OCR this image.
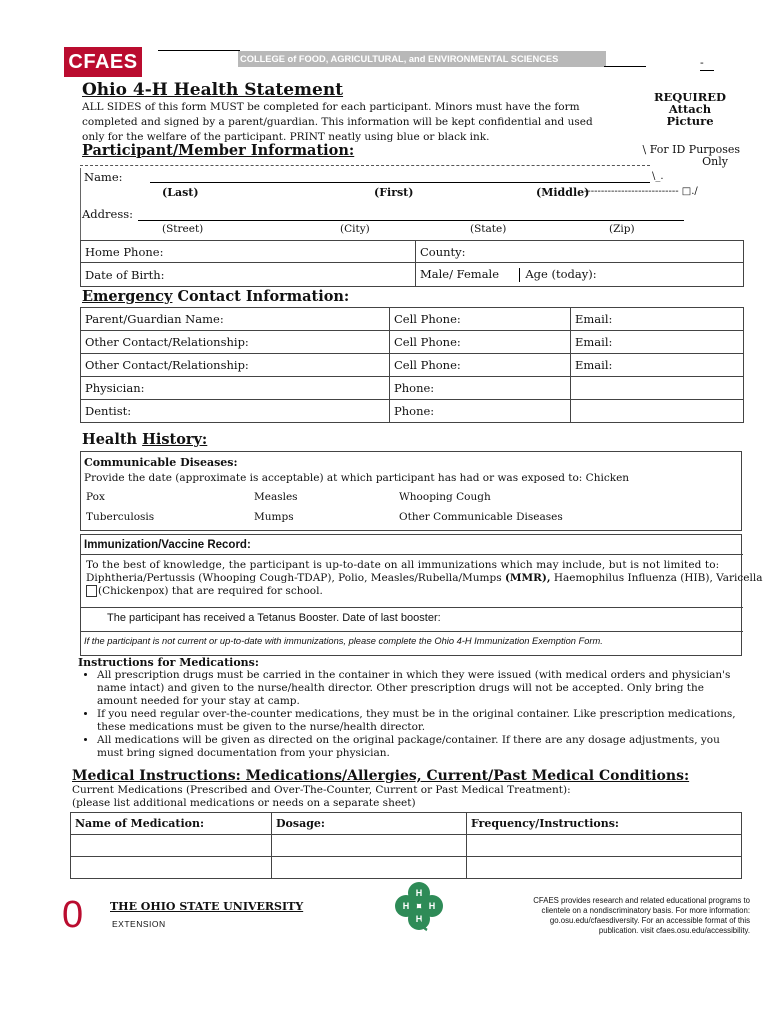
CFAES	COLLEGE of FOOD, AGRICULTURAL, and ENVIRONMENTAL SCIENCES	-
Ohio 4-H Health Statement
ALL SIDES of this form MUST be completed for each participant. Minors must have the form completed and signed by a parent/guardian. This information will be kept confidential and used only for the welfare of the participant. PRINT neatly using blue or black ink.
REQUIRED
Attach
Picture
\ For ID Purposes
Only
Participant/Member Information:
Name:	\_.
(Last)	(First)	(Middle)
---------------------------- □./
Address:
(Street)	(City)	(State)	(Zip)
Home Phone:	County:
Date of Birth:	Male/ Female Age (today):
Emergency Contact Information:
Parent/Guardian Name:	Cell Phone:	Email:
Other Contact/Relationship:	Cell Phone:	Email:
Other Contact/Relationship:	Cell Phone:	Email:
Physician:	Phone:	
Dentist:	Phone:	
Health History:
Communicable Diseases:
Provide the date (approximate is acceptable) at which participant has had or was exposed to: Chicken
Pox	Measles	Whooping Cough
Tuberculosis	Mumps	Other Communicable Diseases
Immunization/Vaccine Record:
To the best of knowledge, the participant is up-to-date on all immunizations which may include, but is not limited to:
Diphtheria/Pertussis (Whooping Cough-TDAP), Polio, Measles/Rubella/Mumps (MMR), Haemophilus Influenza (HIB), Varicella
(Chickenpox) that are required for school.
The participant has received a Tetanus Booster. Date of last booster:
If the participant is not current or up-to-date with immunizations, please complete the Ohio 4-H Immunization Exemption Form.
Instructions for Medications:
• All prescription drugs must be carried in the container in which they were issued (with medical orders and physician's name intact) and given to the nurse/health director. Other prescription drugs will not be accepted. Only bring the amount needed for your stay at camp.
• If you need regular over-the-counter medications, they must be in the original container. Like prescription medications, these medications must be given to the nurse/health director.
• All medications will be given as directed on the original package/container. If there are any dosage adjustments, you must bring signed documentation from your physician.
Medical Instructions: Medications/Allergies, Current/Past Medical Conditions:
Current Medications (Prescribed and Over-The-Counter, Current or Past Medical Treatment): (please list additional medications or needs on a separate sheet)
Name of Medication:	Dosage:	Frequency/Instructions:

0 THE OHIO STATE UNIVERSITY
EXTENSION
H
H H
H
CFAES provides research and related educational programs to clientele on a nondiscriminatory basis. For more information: go.osu.edu/cfaesdiversity. For an accessible format of this publication. visit cfaes.osu.edu/accessibility.
